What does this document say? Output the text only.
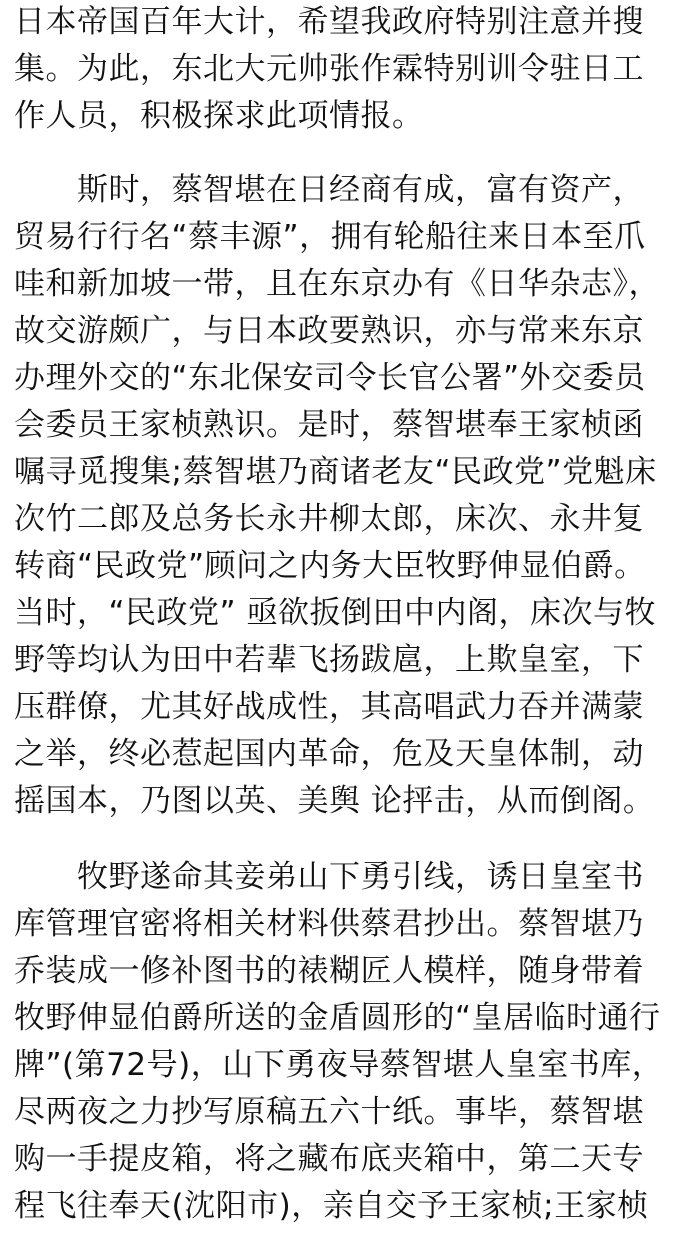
日本帝国百年大计，希望我政府特别注意并搜
集。为此，东北大元帅张作霖特别训令驻日工
作人员，积极探求此项情报。
　　斯时，蔡智堪在日经商有成，富有资产，
贸易行行名“蔡丰源”，拥有轮船往来日本至爪
哇和新加坡一带，且在东京办有《日华杂志》，
故交游颇广，与日本政要熟识，亦与常来东京
办理外交的“东北保安司令长官公署”外交委员
会委员王家桢熟识。是时，蔡智堪奉王家桢函
嘱寻觅搜集;蔡智堪乃商诸老友“民政党”党魁床
次竹二郎及总务长永井柳太郎，床次、永井复
转商“民政党”顾问之内务大臣牧野伸显伯爵。
当时，“民政党” 亟欲扳倒田中内阁，床次与牧
野等均认为田中若辈飞扬跋扈，上欺皇室，下
压群僚，尤其好战成性，其高唱武力吞并满蒙
之举，终必惹起国内革命，危及天皇体制，动
摇国本，乃图以英、美舆 论抨击，从而倒阁。
　　牧野遂命其妾弟山下勇引线，诱日皇室书
库管理官密将相关材料供蔡君抄出。蔡智堪乃
乔装成一修补图书的裱糊匠人模样，随身带着
牧野伸显伯爵所送的金盾圆形的“皇居临时通行
牌”(第72号)，山下勇夜导蔡智堪人皇室书库，
尽两夜之力抄写原稿五六十纸。事毕，蔡智堪
购一手提皮箱，将之藏布底夹箱中，第二天专
程飞往奉天(沈阳市)，亲自交予王家桢;王家桢
